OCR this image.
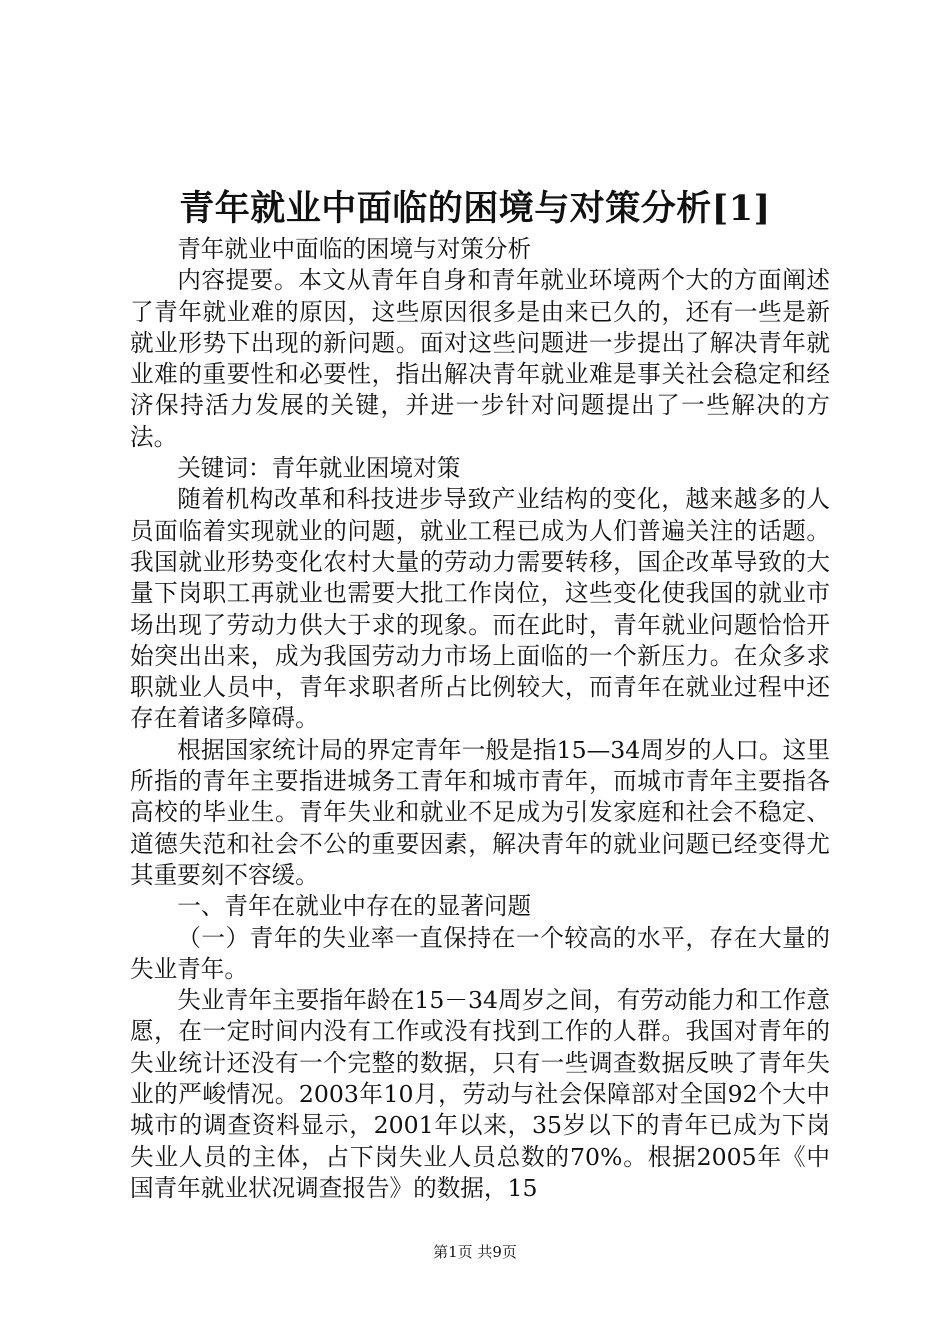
青年就业中面临的困境与对策分析[1]

青年就业中面临的困境与对策分析

内容提要。本文从青年自身和青年就业环境两个大的方面阐述了青年就业难的原因，这些原因很多是由来已久的，还有一些是新就业形势下出现的新问题。面对这些问题进一步提出了解决青年就业难的重要性和必要性，指出解决青年就业难是事关社会稳定和经济保持活力发展的关键，并进一步针对问题提出了一些解决的方法。

关键词：青年就业困境对策

随着机构改革和科技进步导致产业结构的变化，越来越多的人员面临着实现就业的问题，就业工程已成为人们普遍关注的话题。我国就业形势变化农村大量的劳动力需要转移，国企改革导致的大量下岗职工再就业也需要大批工作岗位，这些变化使我国的就业市场出现了劳动力供大于求的现象。而在此时，青年就业问题恰恰开始突出出来，成为我国劳动力市场上面临的一个新压力。在众多求职就业人员中，青年求职者所占比例较大，而青年在就业过程中还存在着诸多障碍。

根据国家统计局的界定青年一般是指15—34周岁的人口。这里所指的青年主要指进城务工青年和城市青年，而城市青年主要指各高校的毕业生。青年失业和就业不足成为引发家庭和社会不稳定、道德失范和社会不公的重要因素，解决青年的就业问题已经变得尤其重要刻不容缓。

一、青年在就业中存在的显著问题

（一）青年的失业率一直保持在一个较高的水平，存在大量的失业青年。

失业青年主要指年龄在15－34周岁之间，有劳动能力和工作意愿，在一定时间内没有工作或没有找到工作的人群。我国对青年的失业统计还没有一个完整的数据，只有一些调查数据反映了青年失业的严峻情况。2003年10月，劳动与社会保障部对全国92个大中城市的调查资料显示，2001年以来，35岁以下的青年已成为下岗失业人员的主体，占下岗失业人员总数的70%。根据2005年《中国青年就业状况调查报告》的数据，15

第1页 共9页
